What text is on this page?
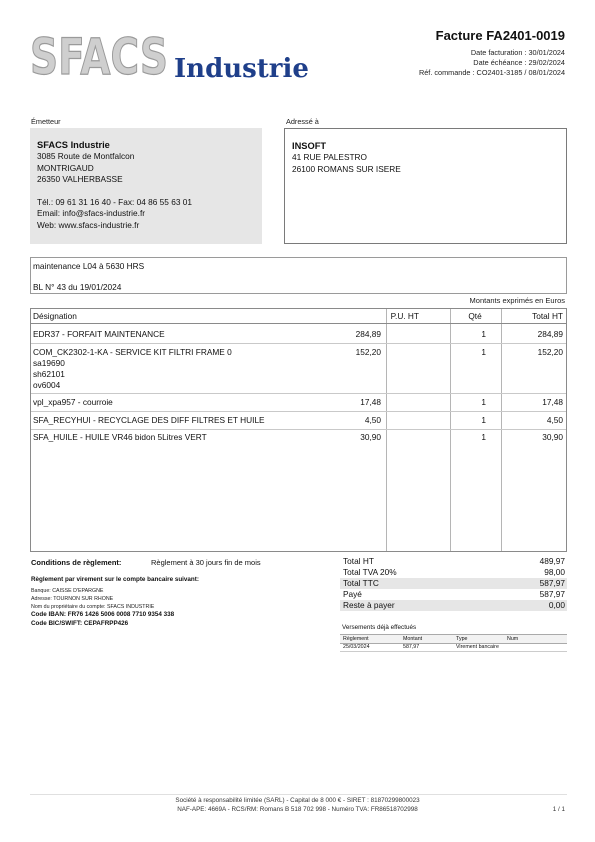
SFACS Industrie
Facture FA2401-0019
Date facturation : 30/01/2024
Date échéance : 29/02/2024
Réf. commande : CO2401-3185 / 08/01/2024
Émetteur	Adressé à
SFACS Industrie
3085 Route de Montfalcon
MONTRIGAUD
26350 VALHERBASSE
Tél.: 09 61 31 16 40 - Fax: 04 86 55 63 01
Email: info@sfacs-industrie.fr
Web: www.sfacs-industrie.fr
INSOFT
41 RUE PALESTRO
26100 ROMANS SUR ISERE
maintenance L04 à 5630 HRS
BL N° 43 du 19/01/2024
Montants exprimés en Euros
Désignation	P.U. HT	Qté	Total HT
EDR37 - FORFAIT MAINTENANCE	284,89	1	284,89
COM_CK2302-1-KA - SERVICE KIT FILTRI FRAME 0
sa19690
sh62101
ov6004
152,20	1	152,20
vpl_xpa957 - courroie	17,48	1	17,48
SFA_RECYHUI - RECYCLAGE DES DIFF FILTRES ET HUILE	4,50	1	4,50
SFA_HUILE - HUILE VR46 bidon 5Litres VERT	30,90	1	30,90
Conditions de règlement:	Règlement à 30 jours fin de mois
Règlement par virement sur le compte bancaire suivant:
Banque: CAISSE D'EPARGNE
Adresse: TOURNON SUR RHONE
Nom du propriétaire du compte: SFACS INDUSTRIE
Code IBAN: FR76 1426 5006 0008 7710 9354 338
Code BIC/SWIFT: CEPAFRPP426
Total HT	489,97
Total TVA 20%	98,00
Total TTC	587,97
Payé	587,97
Reste à payer	0,00
Versements déjà effectués
Règlement	Montant	Type	Num
25/03/2024	587,97	Virement bancaire
Société à responsabilité limitée (SARL) - Capital de 8 000 € - SIRET : 81870299800023
NAF-APE: 4669A - RCS/RM: Romans B 518 702 998 - Numéro TVA: FR86518702998	1 / 1
